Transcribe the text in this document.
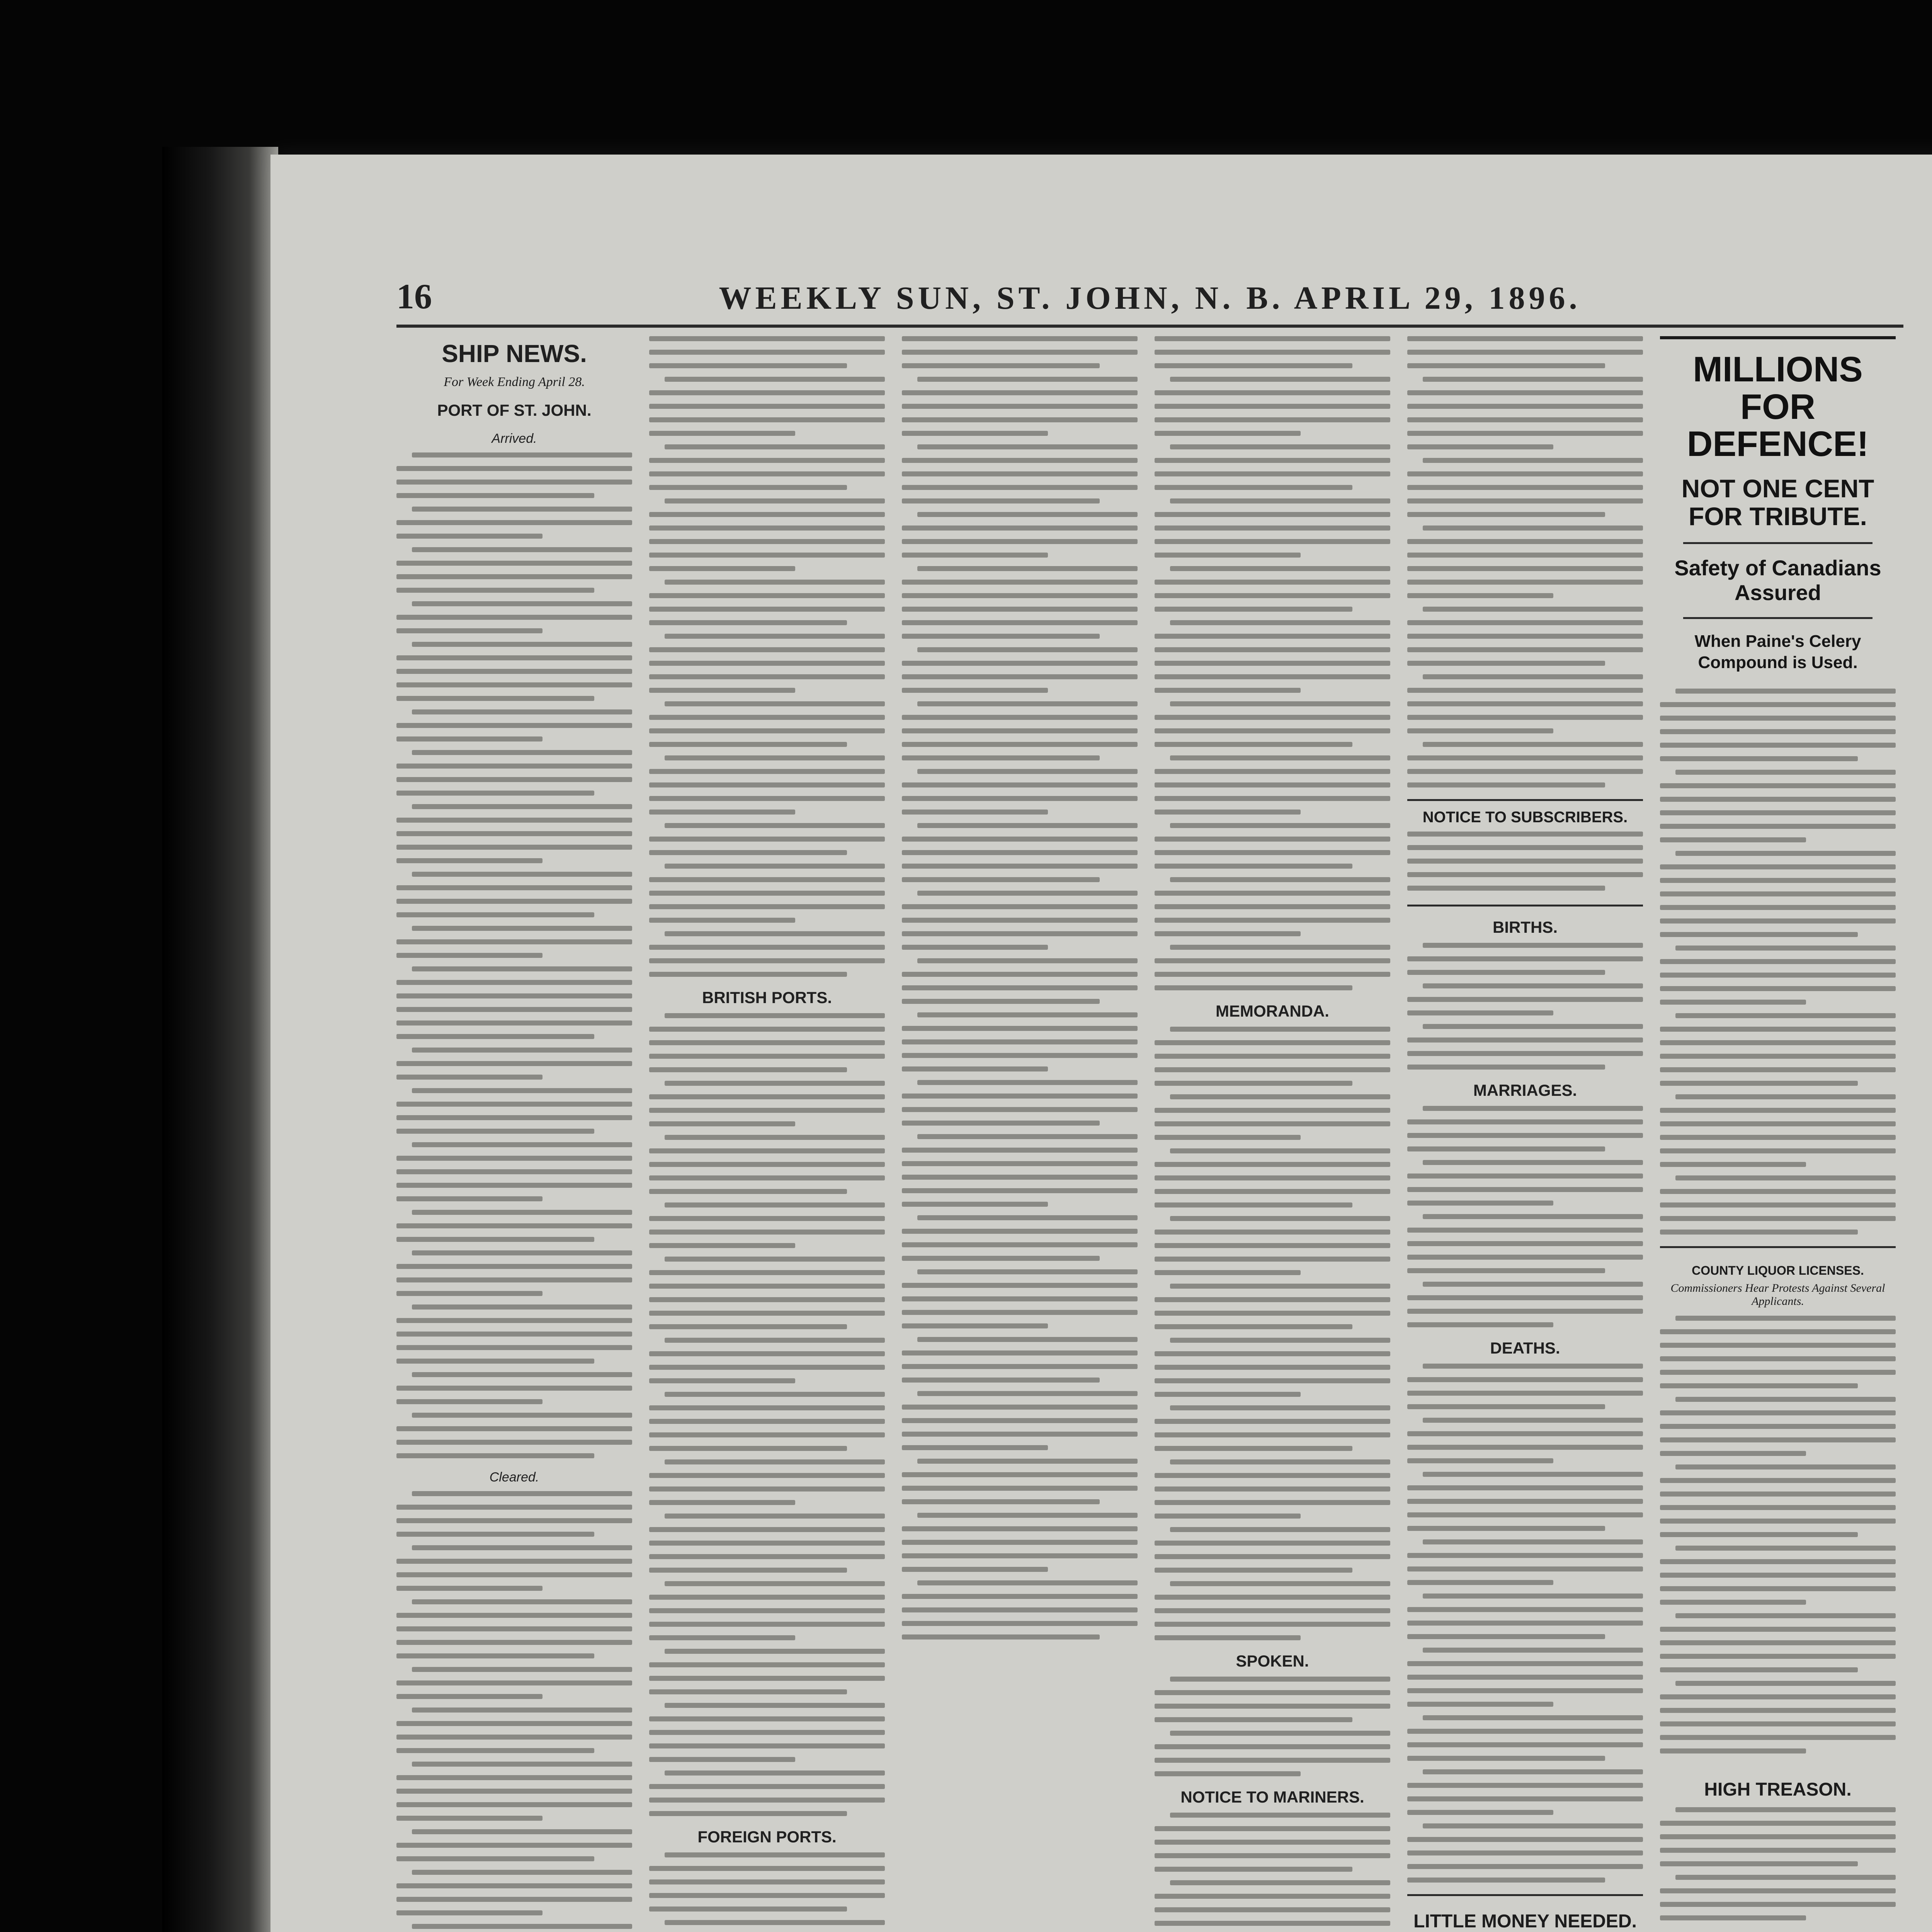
16	WEEKLY SUN, ST. JOHN, N. B. APRIL 29, 1896.
SHIP NEWS.
For Week Ending April 28.
PORT OF ST. JOHN.
Arrived.
Cleared.
BRITISH PORTS.
FOREIGN PORTS.
MEMORANDA.
SPOKEN.
NOTICE TO MARINERS.
NOTICE TO SUBSCRIBERS.
BIRTHS.
MARRIAGES.
DEATHS.
LITTLE MONEY NEEDED.
MILLIONS FOR DEFENCE!
NOT ONE CENT FOR TRIBUTE.
Safety of Canadians Assured
When Paine's Celery Compound is Used.
COUNTY LIQUOR LICENSES.
Commissioners Hear Protests Against Several Applicants.
HIGH TREASON.
